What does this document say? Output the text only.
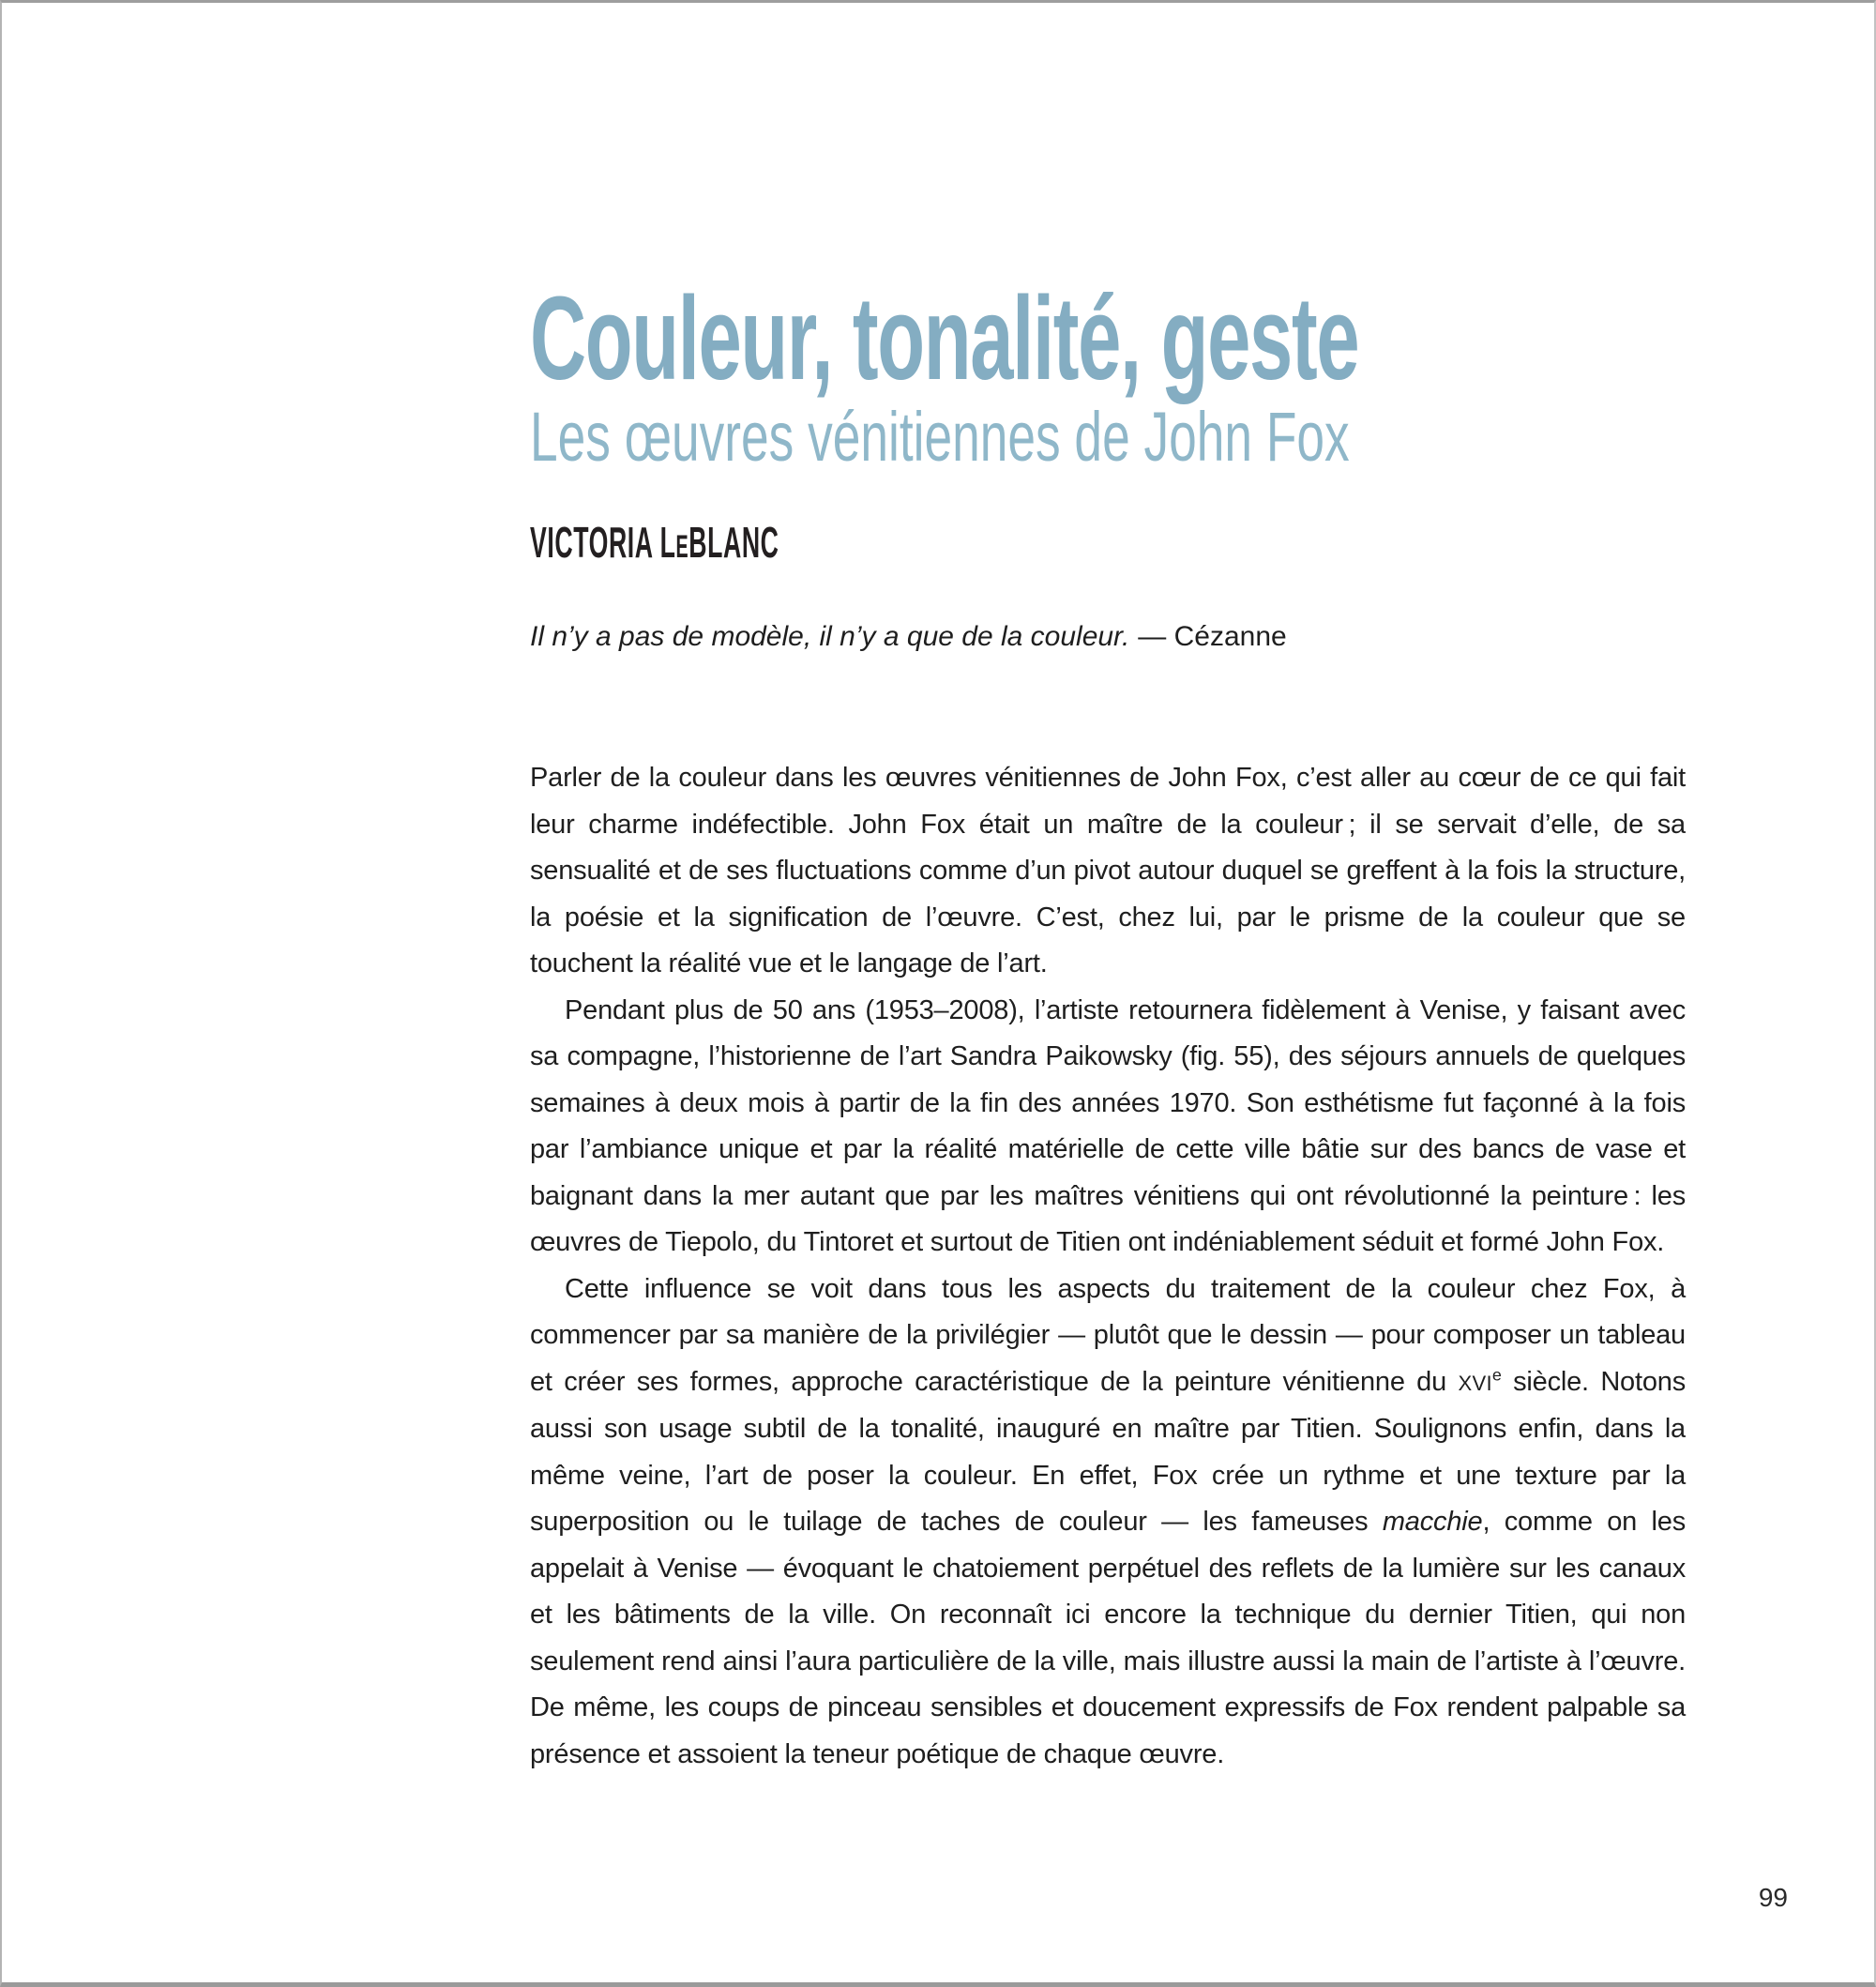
Couleur, tonalité, geste
Les œuvres vénitiennes de John Fox
VICTORIA LEBLANC
Il n’y a pas de modèle, il n’y a que de la couleur. — Cézanne

Parler de la couleur dans les œuvres vénitiennes de John Fox, c’est aller au cœur de ce qui fait leur charme indéfectible. John Fox était un maître de la couleur ; il se servait d’elle, de sa sensualité et de ses fluctuations comme d’un pivot autour duquel se greffent à la fois la structure, la poésie et la signification de l’œuvre. C’est, chez lui, par le prisme de la couleur que se touchent la réalité vue et le langage de l’art.

Pendant plus de 50 ans (1953–2008), l’artiste retournera fidèlement à Venise, y faisant avec sa compagne, l’historienne de l’art Sandra Paikowsky (fig. 55), des séjours annuels de quelques semaines à deux mois à partir de la fin des années 1970. Son esthétisme fut façonné à la fois par l’ambiance unique et par la réalité matérielle de cette ville bâtie sur des bancs de vase et baignant dans la mer autant que par les maîtres vénitiens qui ont révolutionné la peinture : les œuvres de Tiepolo, du Tintoret et surtout de Titien ont indéniablement séduit et formé John Fox.

Cette influence se voit dans tous les aspects du traitement de la couleur chez Fox, à commencer par sa manière de la privilégier — plutôt que le dessin — pour composer un tableau et créer ses formes, approche caractéristique de la peinture vénitienne du XVIe siècle. Notons aussi son usage subtil de la tonalité, inauguré en maître par Titien. Soulignons enfin, dans la même veine, l’art de poser la couleur. En effet, Fox crée un rythme et une texture par la superposition ou le tuilage de taches de couleur — les fameuses macchie, comme on les appelait à Venise — évoquant le chatoiement perpétuel des reflets de la lumière sur les canaux et les bâtiments de la ville. On reconnaît ici encore la technique du dernier Titien, qui non seulement rend ainsi l’aura particulière de la ville, mais illustre aussi la main de l’artiste à l’œuvre. De même, les coups de pinceau sensibles et doucement expressifs de Fox rendent palpable sa présence et assoient la teneur poétique de chaque œuvre.

99
